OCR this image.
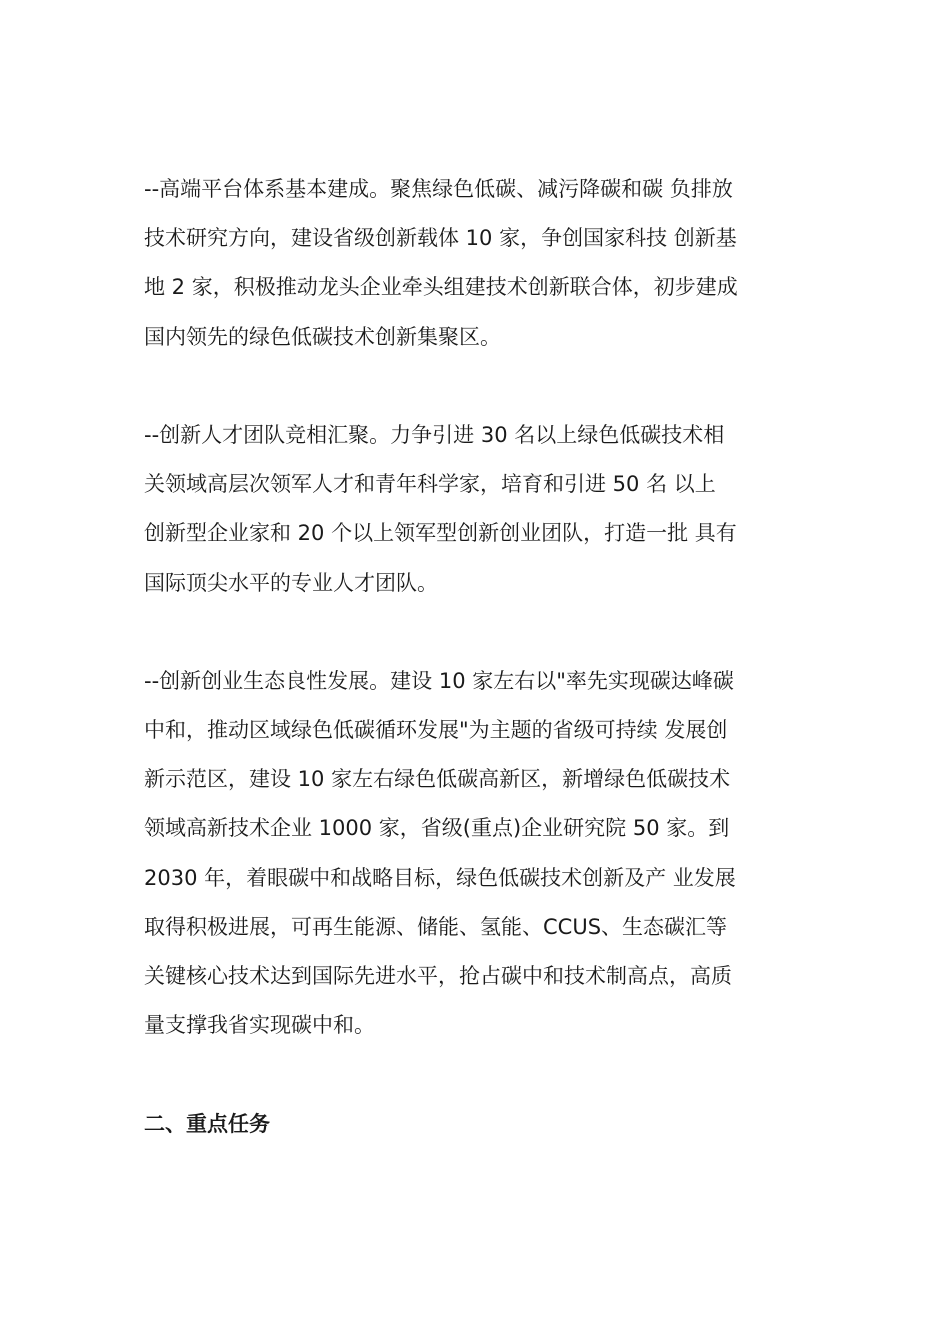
--高端平台体系基本建成。聚焦绿色低碳、减污降碳和碳 负排放
技术研究方向，建设省级创新载体 10 家，争创国家科技 创新基
地 2 家，积极推动龙头企业牵头组建技术创新联合体，初步建成
国内领先的绿色低碳技术创新集聚区。
--创新人才团队竞相汇聚。力争引进 30 名以上绿色低碳技术相
关领域高层次领军人才和青年科学家，培育和引进 50 名 以上
创新型企业家和 20 个以上领军型创新创业团队，打造一批 具有
国际顶尖水平的专业人才团队。
--创新创业生态良性发展。建设 10 家左右以"率先实现碳达峰碳
中和，推动区域绿色低碳循环发展"为主题的省级可持续 发展创
新示范区，建设 10 家左右绿色低碳高新区，新增绿色低碳技术
领域高新技术企业 1000 家，省级(重点)企业研究院 50 家。到
2030 年，着眼碳中和战略目标，绿色低碳技术创新及产 业发展
取得积极进展，可再生能源、储能、氢能、CCUS、生态碳汇等
关键核心技术达到国际先进水平，抢占碳中和技术制高点，高质
量支撑我省实现碳中和。
二、重点任务
